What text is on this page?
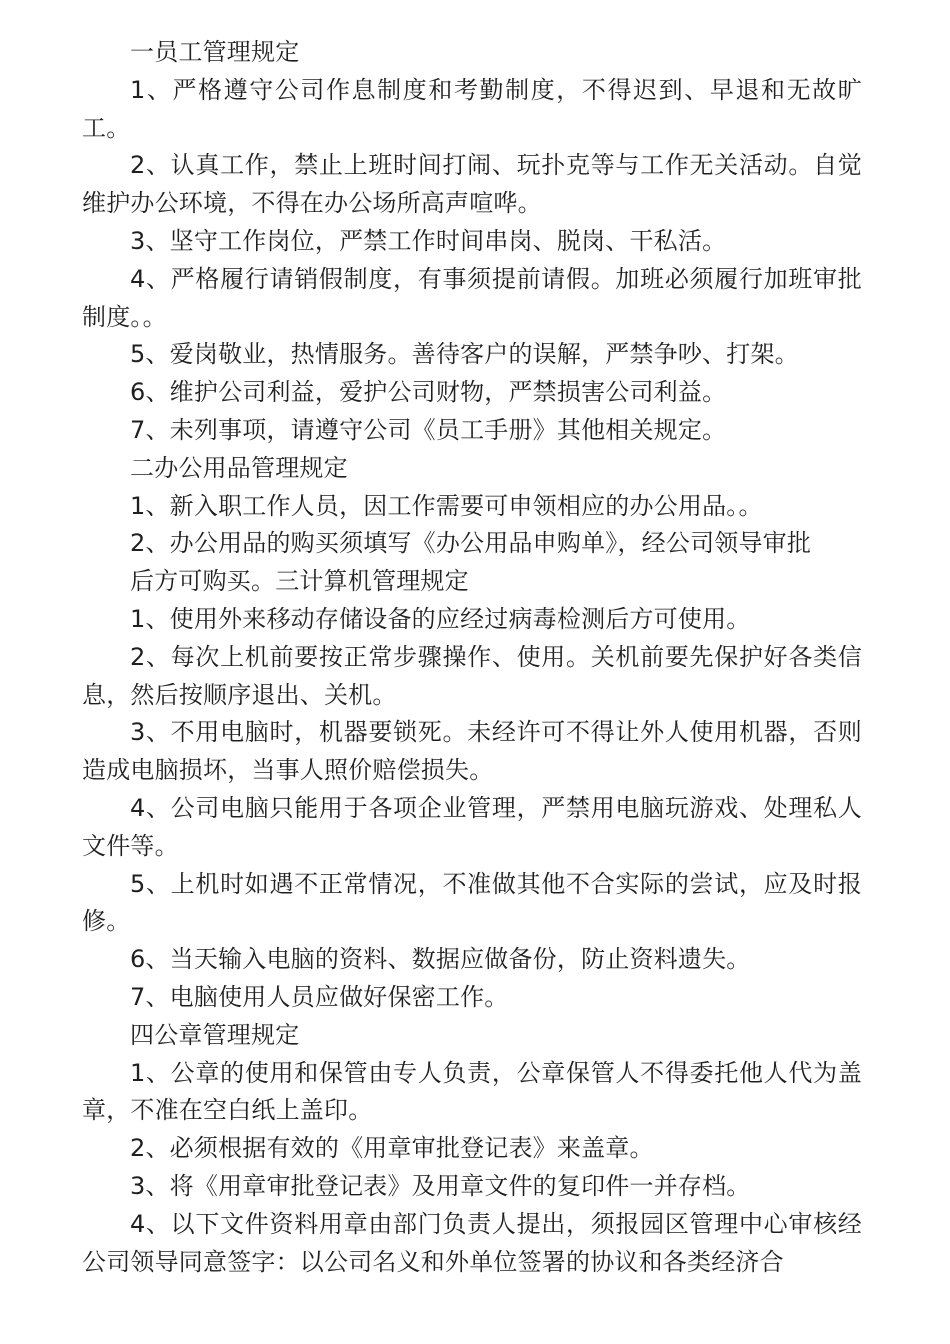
一员工管理规定

1、严格遵守公司作息制度和考勤制度，不得迟到、早退和无故旷工。

2、认真工作，禁止上班时间打闹、玩扑克等与工作无关活动。自觉维护办公环境，不得在办公场所高声喧哗。

3、坚守工作岗位，严禁工作时间串岗、脱岗、干私活。

4、严格履行请销假制度，有事须提前请假。加班必须履行加班审批制度。。

5、爱岗敬业，热情服务。善待客户的误解，严禁争吵、打架。

6、维护公司利益，爱护公司财物，严禁损害公司利益。

7、未列事项，请遵守公司《员工手册》其他相关规定。

二办公用品管理规定

1、新入职工作人员，因工作需要可申领相应的办公用品。。

2、办公用品的购买须填写《办公用品申购单》，经公司领导审批

后方可购买。三计算机管理规定

1、使用外来移动存储设备的应经过病毒检测后方可使用。

2、每次上机前要按正常步骤操作、使用。关机前要先保护好各类信息，然后按顺序退出、关机。

3、不用电脑时，机器要锁死。未经许可不得让外人使用机器，否则造成电脑损坏，当事人照价赔偿损失。

4、公司电脑只能用于各项企业管理，严禁用电脑玩游戏、处理私人文件等。

5、上机时如遇不正常情况，不准做其他不合实际的尝试，应及时报修。

6、当天输入电脑的资料、数据应做备份，防止资料遗失。

7、电脑使用人员应做好保密工作。

四公章管理规定

1、公章的使用和保管由专人负责，公章保管人不得委托他人代为盖章，不准在空白纸上盖印。

2、必须根据有效的《用章审批登记表》来盖章。

3、将《用章审批登记表》及用章文件的复印件一并存档。

4、以下文件资料用章由部门负责人提出，须报园区管理中心审核经公司领导同意签字：以公司名义和外单位签署的协议和各类经济合
